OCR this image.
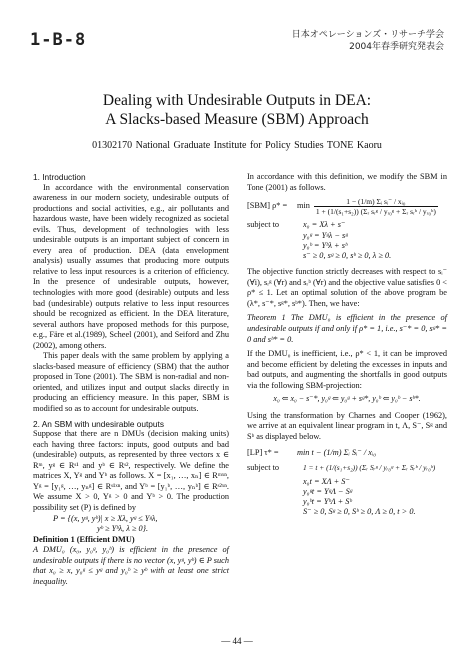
1-B-8	日本オペレーションズ・リサーチ学会
2004年春季研究発表会
Dealing with Undesirable Outputs in DEA:
A Slacks-based Measure (SBM) Approach
01302170 National Graduate Institute for Policy Studies TONE Kaoru

1. Introduction

In accordance with the environmental conservation awareness in our modern society, undesirable outputs of productions and social activities, e.g., air pollutants and hazardous waste, have been widely recognized as societal evils. Thus, development of technologies with less undesirable outputs is an important subject of concern in every area of production. DEA (data envelopment analysis) usually assumes that producing more outputs relative to less input resources is a criterion of efficiency. In the presence of undesirable outputs, however, technologies with more good (desirable) outputs and less bad (undesirable) outputs relative to less input resources should be recognized as efficient. In the DEA literature, several authors have proposed methods for this purpose, e.g., Färe et al.(1989), Scheel (2001), and Seiford and Zhu (2002), among others.

This paper deals with the same problem by applying a slacks-based measure of efficiency (SBM) that the author proposed in Tone (2001). The SBM is non-radial and non-oriented, and utilizes input and output slacks directly in producing an efficiency measure. In this paper, SBM is modified so as to account for undesirable outputs.

2. An SBM with undesirable outputs

Suppose that there are n DMUs (decision making units) each having three factors: inputs, good outputs and bad (undesirable) outputs, as represented by three vectors x ∈ Rᵐ, yᵍ ∈ Rˢ¹ and yᵇ ∈ Rˢ², respectively. We define the matrices X, Yᵍ and Yᵇ as follows. X = [x₁, …, xₙ] ∈ Rᵐˣⁿ, Yᵍ = [y₁ᵍ, …, yₙᵍ] ∈ Rˢ¹ˣⁿ, and Yᵇ = [y₁ᵇ, …, yₙᵇ] ∈ Rˢ²ˣⁿ. We assume X > 0, Yᵍ > 0 and Yᵇ > 0. The production possibility set (P) is defined by

P = {(x, yᵍ, yᵇ)| x ≥ Xλ, yᵍ ≤ Yᵍλ,
yᵇ ≥ Yᵇλ, λ ≥ 0}.

Definition 1 (Efficient DMU)

A DMU₀ (x₀, y₀ᵍ, y₀ᵇ) is efficient in the presence of undesirable outputs if there is no vector (x, yᵍ, yᵇ) ∈ P such that x₀ ≥ x, y₀ᵍ ≤ yᵍ and y₀ᵇ ≥ yᵇ with at least one strict inequality.

In accordance with this definition, we modify the SBM in Tone (2001) as follows.

[SBM] ρ* =	$\min \frac{\text{1 − (1/m) Σᵢ sᵢ⁻ / xᵢ₀}}{\text{1 + (1/(s₁+s₂)) (Σᵣ sᵣᵍ / yᵣ₀ᵍ + Σᵣ sᵣᵇ / yᵣ₀ᵇ)}}$
subject to	x₀ = Xλ + s⁻
y₀ᵍ = Yᵍλ − sᵍ
y₀ᵇ = Yᵇλ + sᵇ
s⁻ ≥ 0, sᵍ ≥ 0, sᵇ ≥ 0, λ ≥ 0.

The objective function strictly decreases with respect to sᵢ⁻ (∀i), sᵣᵍ (∀r) and sᵣᵇ (∀r) and the objective value satisfies 0 < ρ* ≤ 1. Let an optimal solution of the above program be (λ*, s⁻*, sᵍ*, sᵇ*). Then, we have:

Theorem 1 The DMU₀ is efficient in the presence of undesirable outputs if and only if ρ* = 1, i.e., s⁻* = 0, sᵍ* = 0 and sᵇ* = 0.

If the DMU₀ is inefficient, i.e., ρ* < 1, it can be improved and become efficient by deleting the excesses in inputs and bad outputs, and augmenting the shortfalls in good outputs via the following SBM-projection:

x₀ ⇐ x₀ − s⁻*, y₀ᵍ ⇐ y₀ᵍ + sᵍ*, y₀ᵇ ⇐ y₀ᵇ − sᵇ*.

Using the transformation by Charnes and Cooper (1962), we arrive at an equivalent linear program in t, Λ, S⁻, Sᵍ and Sᵇ as displayed below.

[LP] τ* =	min t − (1/m) Σᵢ Sᵢ⁻ / xᵢ₀
subject to	1 = t + (1/(s₁+s₂)) (Σᵣ Sᵣᵍ / yᵣ₀ᵍ + Σᵣ Sᵣᵇ / yᵣ₀ᵇ)
x₀t = XΛ + S⁻
y₀ᵍt = YᵍΛ − Sᵍ
y₀ᵇt = YᵇΛ + Sᵇ
S⁻ ≥ 0, Sᵍ ≥ 0, Sᵇ ≥ 0, Λ ≥ 0, t > 0.
— 44 —
